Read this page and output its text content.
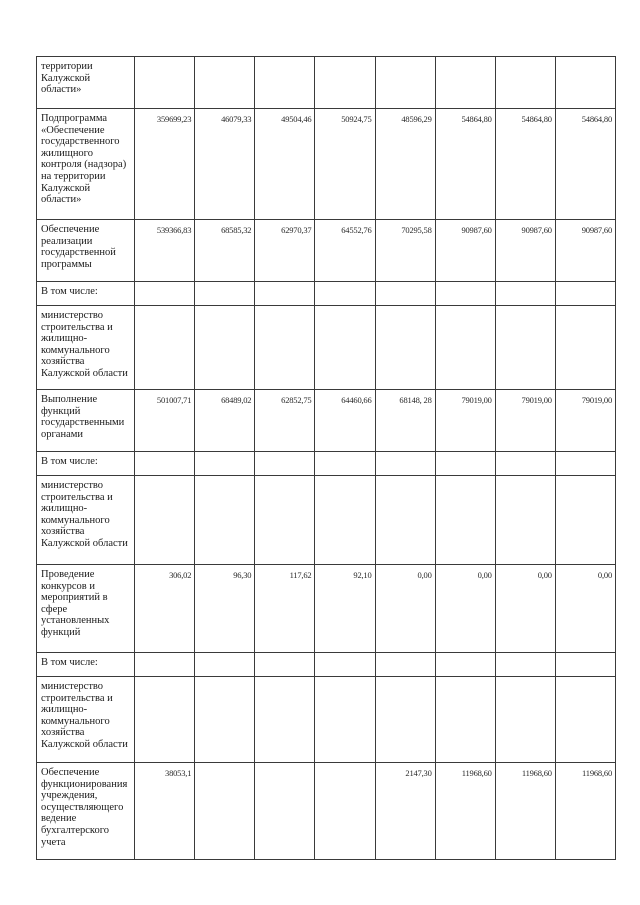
территории Калужской области»								
Подпрограмма «Обеспечение государственного жилищного контроля (надзора) на территории Калужской области»	359699,23	46079,33	49504,46	50924,75	48596,29	54864,80	54864,80	54864,80
Обеспечение реализации государственной программы	539366,83	68585,32	62970,37	64552,76	70295,58	90987,60	90987,60	90987,60
В том числе:								
министерство строительства и жилищно-коммунального хозяйства Калужской области								
Выполнение функций государственными органами	501007,71	68489,02	62852,75	64460,66	68148, 28	79019,00	79019,00	79019,00
В том числе:								
министерство строительства и жилищно-коммунального хозяйства Калужской области								
Проведение конкурсов и мероприятий в сфере установленных функций	306,02	96,30	117,62	92,10	0,00	0,00	0,00	0,00
В том числе:								
министерство строительства и жилищно-коммунального хозяйства Калужской области								
Обеспечение функционирования учреждения, осуществляющего ведение бухгалтерского учета	38053,1				2147,30	11968,60	11968,60	11968,60
